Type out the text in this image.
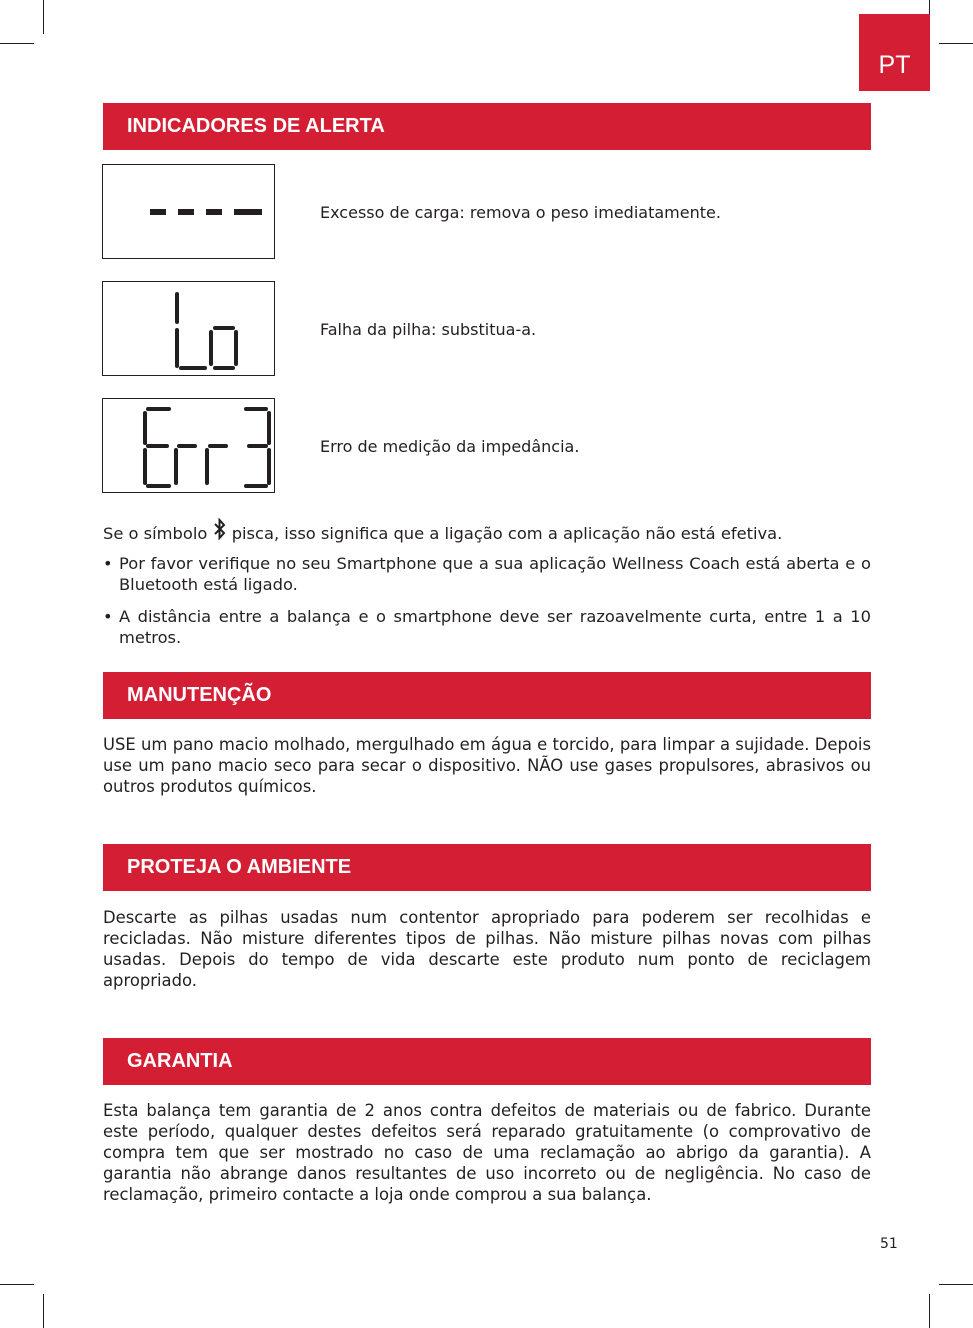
PT
INDICADORES DE ALERTA
Excesso de carga: remova o peso imediatamente.
Falha da pilha: substitua-a.
Erro de medição da impedância.
Se o símbolo pisca, isso significa que a ligação com a aplicação não está efetiva.
• Por favor verifique no seu Smartphone que a sua aplicação Wellness Coach está aberta e o Bluetooth está ligado.
• A distância entre a balança e o smartphone deve ser razoavelmente curta, entre 1 a 10 metros.
MANUTENÇÃO
USE um pano macio molhado, mergulhado em água e torcido, para limpar a sujidade. Depois use um pano macio seco para secar o dispositivo. NÃO use gases propulsores, abrasivos ou outros produtos químicos.
PROTEJA O AMBIENTE
Descarte as pilhas usadas num contentor apropriado para poderem ser recolhidas e recicladas. Não misture diferentes tipos de pilhas. Não misture pilhas novas com pilhas usadas. Depois do tempo de vida descarte este produto num ponto de reciclagem apropriado.
GARANTIA
Esta balança tem garantia de 2 anos contra defeitos de materiais ou de fabrico. Durante este período, qualquer destes defeitos será reparado gratuitamente (o comprovativo de compra tem que ser mostrado no caso de uma reclamação ao abrigo da garantia). A garantia não abrange danos resultantes de uso incorreto ou de negligência. No caso de reclamação, primeiro contacte a loja onde comprou a sua balança.
51
